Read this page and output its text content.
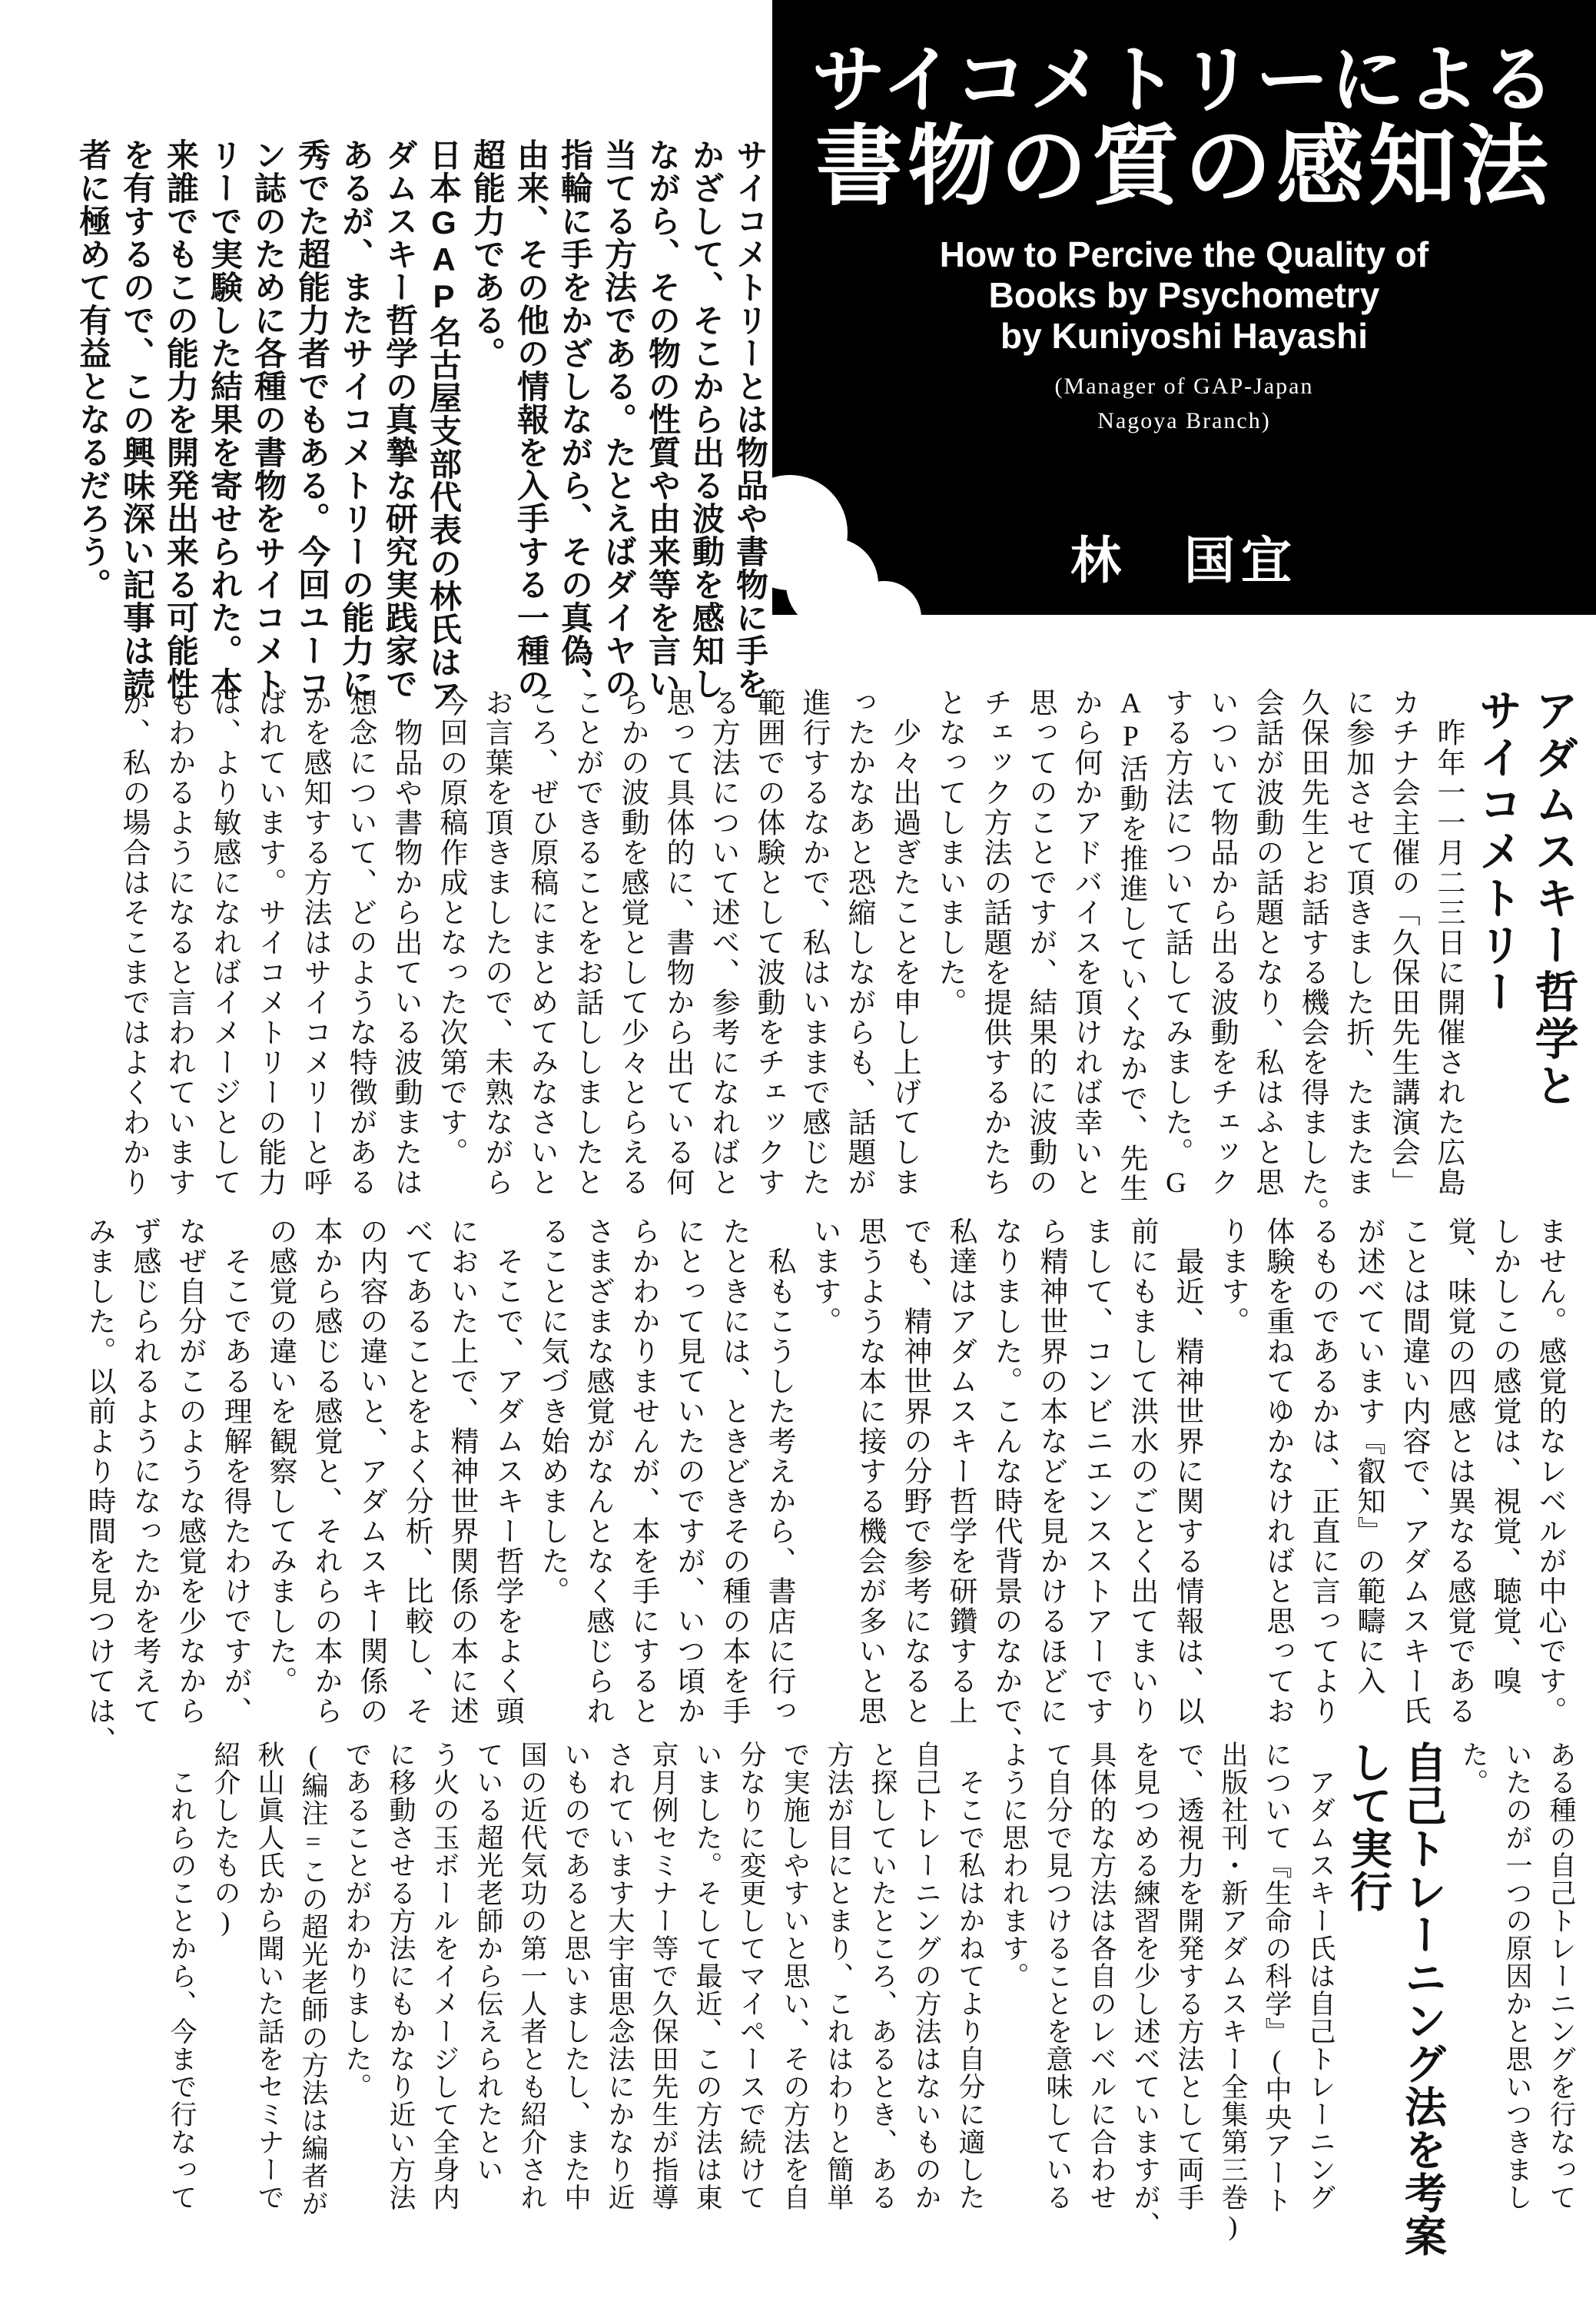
サイコメトリーによる
書物の質の感知法
How to Percive the Quality of
Books by Psychometry
by Kuniyoshi Hayashi
(Manager of GAP-Japan
Nagoya Branch)
林　国宜
サイコメトリーとは物品や書物に手を
かざして、そこから出る波動を感知し
ながら、その物の性質や由来等を言い
当てる方法である。たとえばダイヤの
指輪に手をかざしながら、その真偽、
由来、その他の情報を入手する一種の
超能力である。
日本GAP名古屋支部代表の林氏はア
ダムスキー哲学の真摯な研究実践家で
あるが、またサイコメトリーの能力に
秀でた超能力者でもある。今回ユーコ
ン誌のために各種の書物をサイコメト
リーで実験した結果を寄せられた。本
来誰でもこの能力を開発出来る可能性
を有するので、この興味深い記事は読
者に極めて有益となるだろう。
アダムスキー哲学と
サイコメトリー
　昨年一一月二三日に開催された広島
カチナ会主催の「久保田先生講演会」
に参加させて頂きました折、たまたま
久保田先生とお話する機会を得ました。
会話が波動の話題となり、私はふと思
いついて物品から出る波動をチェック
する方法について話してみました。G
AP活動を推進していくなかで、先生
から何かアドバイスを頂ければ幸いと
思ってのことですが、結果的に波動の
チェック方法の話題を提供するかたち
となってしまいました。
　少々出過ぎたことを申し上げてしま
ったかなあと恐縮しながらも、話題が
進行するなかで、私はいままで感じた
範囲での体験として波動をチェックす
る方法について述べ、参考になればと
思って具体的に、書物から出ている何
らかの波動を感覚として少々とらえる
ことができることをお話ししましたと
ころ、ぜひ原稿にまとめてみなさいと
お言葉を頂きましたので、未熟ながら
今回の原稿作成となった次第です。
　物品や書物から出ている波動または
想念について、どのような特徴がある
かを感知する方法はサイコメリーと呼
ばれています。サイコメトリーの能力
は、より敏感になればイメージとして
もわかるようになると言われています
が、私の場合はそこまではよくわかり
ません。感覚的なレベルが中心です。
しかしこの感覚は、視覚、聴覚、嗅
覚、味覚の四感とは異なる感覚である
ことは間違い内容で、アダムスキー氏
が述べています『叡知』の範疇に入
るものであるかは、正直に言ってより
体験を重ねてゆかなければと思ってお
ります。
　最近、精神世界に関する情報は、以
前にもまして洪水のごとく出てまいり
まして、コンビニエンスストアーです
ら精神世界の本などを見かけるほどに
なりました。こんな時代背景のなかで、
私達はアダムスキー哲学を研鑽する上
でも、精神世界の分野で参考になると
思うような本に接する機会が多いと思
います。
　私もこうした考えから、書店に行っ
たときには、ときどきその種の本を手
にとって見ていたのですが、いつ頃か
らかわかりませんが、本を手にすると
さまざまな感覚がなんとなく感じられ
ることに気づき始めました。
　そこで、アダムスキー哲学をよく頭
においた上で、精神世界関係の本に述
べてあることをよく分析、比較し、そ
の内容の違いと、アダムスキー関係の
本から感じる感覚と、それらの本から
の感覚の違いを観察してみました。
　そこである理解を得たわけですが、
なぜ自分がこのような感覚を少なから
ず感じられるようになったかを考えて
みました。以前より時間を見つけては、
ある種の自己トレーニングを行なって
いたのが一つの原因かと思いつきまし
た。
自己トレーニング法を考案
して実行
　アダムスキー氏は自己トレーニング
について『生命の科学』(中央アート
出版社刊・新アダムスキー全集第三巻)
で、透視力を開発する方法として両手
を見つめる練習を少し述べていますが、
具体的な方法は各自のレベルに合わせ
て自分で見つけることを意味している
ように思われます。
　そこで私はかねてより自分に適した
自己トレーニングの方法はないものか
と探していたところ、あるとき、ある
方法が目にとまり、これはわりと簡単
で実施しやすいと思い、その方法を自
分なりに変更してマイペースで続けて
いました。そして最近、この方法は東
京月例セミナー等で久保田先生が指導
されています大宇宙思念法にかなり近
いものであると思いましたし、また中
国の近代気功の第一人者とも紹介され
ている超光老師から伝えられたとい
う火の玉ボールをイメージして全身内
に移動させる方法にもかなり近い方法
であることがわかりました。
(編注=この超光老師の方法は編者が
秋山眞人氏から聞いた話をセミナーで
紹介したもの)
　これらのことから、今まで行なって
